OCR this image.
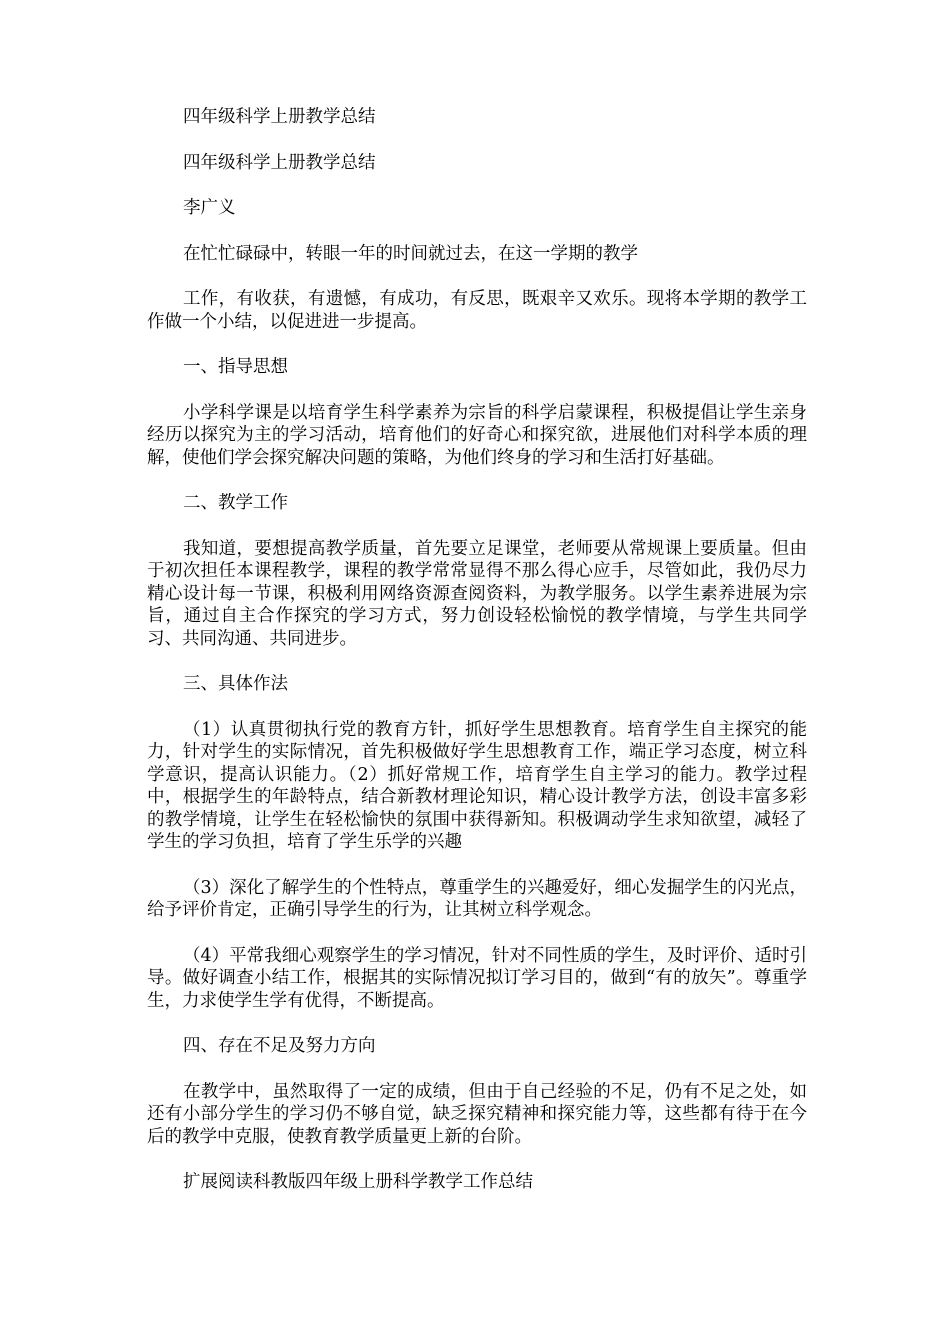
四年级科学上册教学总结

四年级科学上册教学总结

李广义

在忙忙碌碌中，转眼一年的时间就过去，在这一学期的教学

工作，有收获，有遗憾，有成功，有反思，既艰辛又欢乐。现将本学期的教学工作做一个小结，以促进进一步提高。

一、指导思想

小学科学课是以培育学生科学素养为宗旨的科学启蒙课程，积极提倡让学生亲身经历以探究为主的学习活动，培育他们的好奇心和探究欲，进展他们对科学本质的理解，使他们学会探究解决问题的策略，为他们终身的学习和生活打好基础。

二、教学工作

我知道，要想提高教学质量，首先要立足课堂，老师要从常规课上要质量。但由于初次担任本课程教学，课程的教学常常显得不那么得心应手，尽管如此，我仍尽力精心设计每一节课，积极利用网络资源查阅资料，为教学服务。以学生素养进展为宗旨，通过自主合作探究的学习方式，努力创设轻松愉悦的教学情境，与学生共同学习、共同沟通、共同进步。

三、具体作法

（1）认真贯彻执行党的教育方针，抓好学生思想教育。培育学生自主探究的能力，针对学生的实际情况，首先积极做好学生思想教育工作，端正学习态度，树立科学意识，提高认识能力。（2）抓好常规工作，培育学生自主学习的能力。教学过程中，根据学生的年龄特点，结合新教材理论知识，精心设计教学方法，创设丰富多彩的教学情境，让学生在轻松愉快的氛围中获得新知。积极调动学生求知欲望，减轻了学生的学习负担，培育了学生乐学的兴趣

（3）深化了解学生的个性特点，尊重学生的兴趣爱好，细心发掘学生的闪光点，给予评价肯定，正确引导学生的行为，让其树立科学观念。

（4）平常我细心观察学生的学习情况，针对不同性质的学生，及时评价、适时引导。做好调查小结工作，根据其的实际情况拟订学习目的，做到“有的放矢”。尊重学生，力求使学生学有优得，不断提高。

四、存在不足及努力方向

在教学中，虽然取得了一定的成绩，但由于自己经验的不足，仍有不足之处，如还有小部分学生的学习仍不够自觉，缺乏探究精神和探究能力等，这些都有待于在今后的教学中克服，使教育教学质量更上新的台阶。

扩展阅读科教版四年级上册科学教学工作总结
